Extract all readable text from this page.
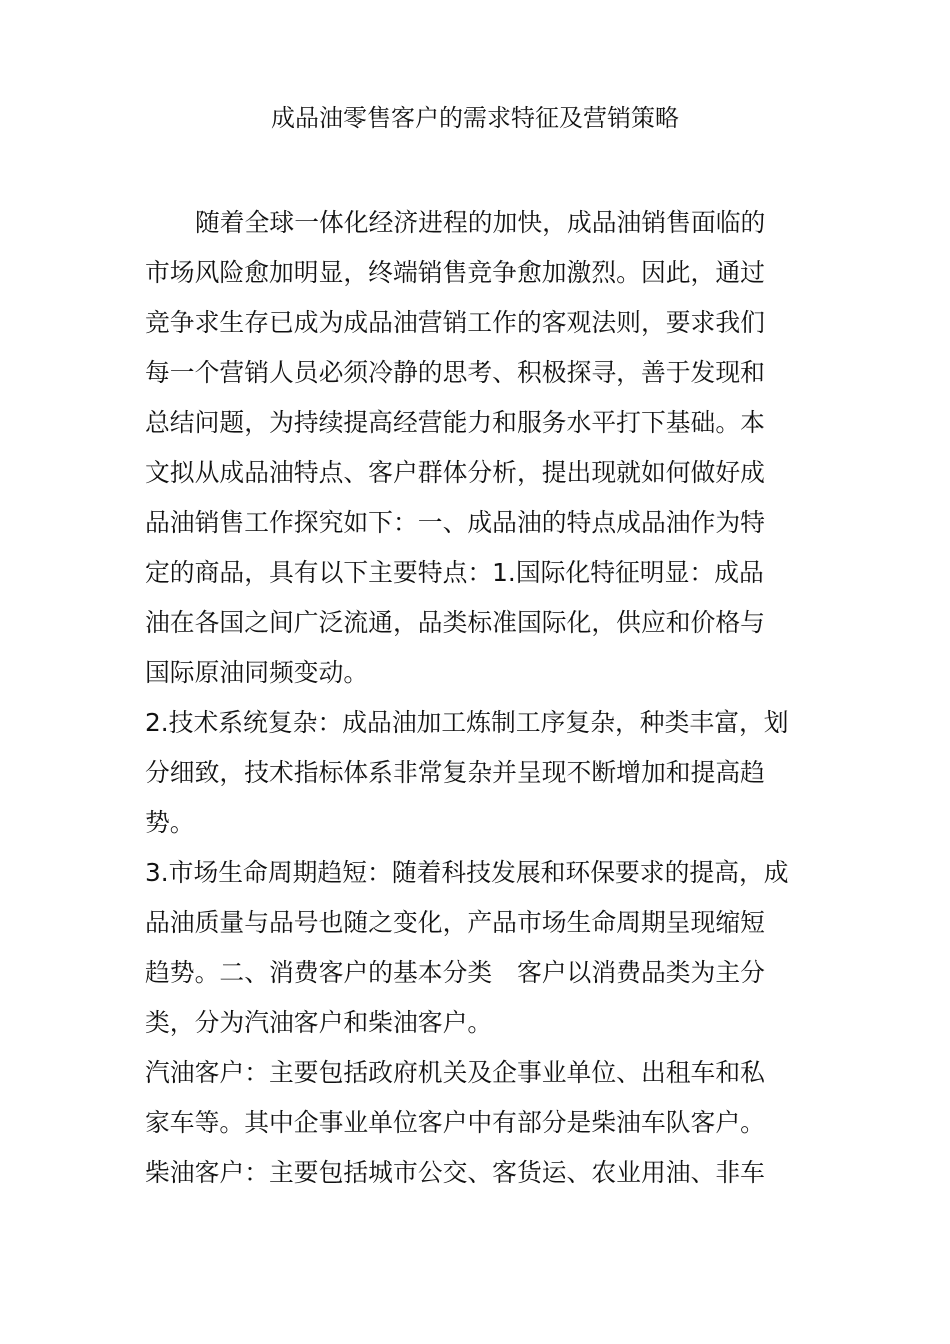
成品油零售客户的需求特征及营销策略
随着全球一体化经济进程的加快，成品油销售面临的
市场风险愈加明显，终端销售竞争愈加激烈。因此，通过
竞争求生存已成为成品油营销工作的客观法则，要求我们
每一个营销人员必须冷静的思考、积极探寻，善于发现和
总结问题，为持续提高经营能力和服务水平打下基础。本
文拟从成品油特点、客户群体分析，提出现就如何做好成
品油销售工作探究如下：一、成品油的特点成品油作为特
定的商品，具有以下主要特点：1.国际化特征明显：成品
油在各国之间广泛流通，品类标准国际化，供应和价格与
国际原油同频变动。
2.技术系统复杂：成品油加工炼制工序复杂，种类丰富，划
分细致，技术指标体系非常复杂并呈现不断增加和提高趋
势。
3.市场生命周期趋短：随着科技发展和环保要求的提高，成
品油质量与品号也随之变化，产品市场生命周期呈现缩短
趋势。二、消费客户的基本分类　客户以消费品类为主分
类，分为汽油客户和柴油客户。
汽油客户：主要包括政府机关及企事业单位、出租车和私
家车等。其中企事业单位客户中有部分是柴油车队客户。
柴油客户：主要包括城市公交、客货运、农业用油、非车
